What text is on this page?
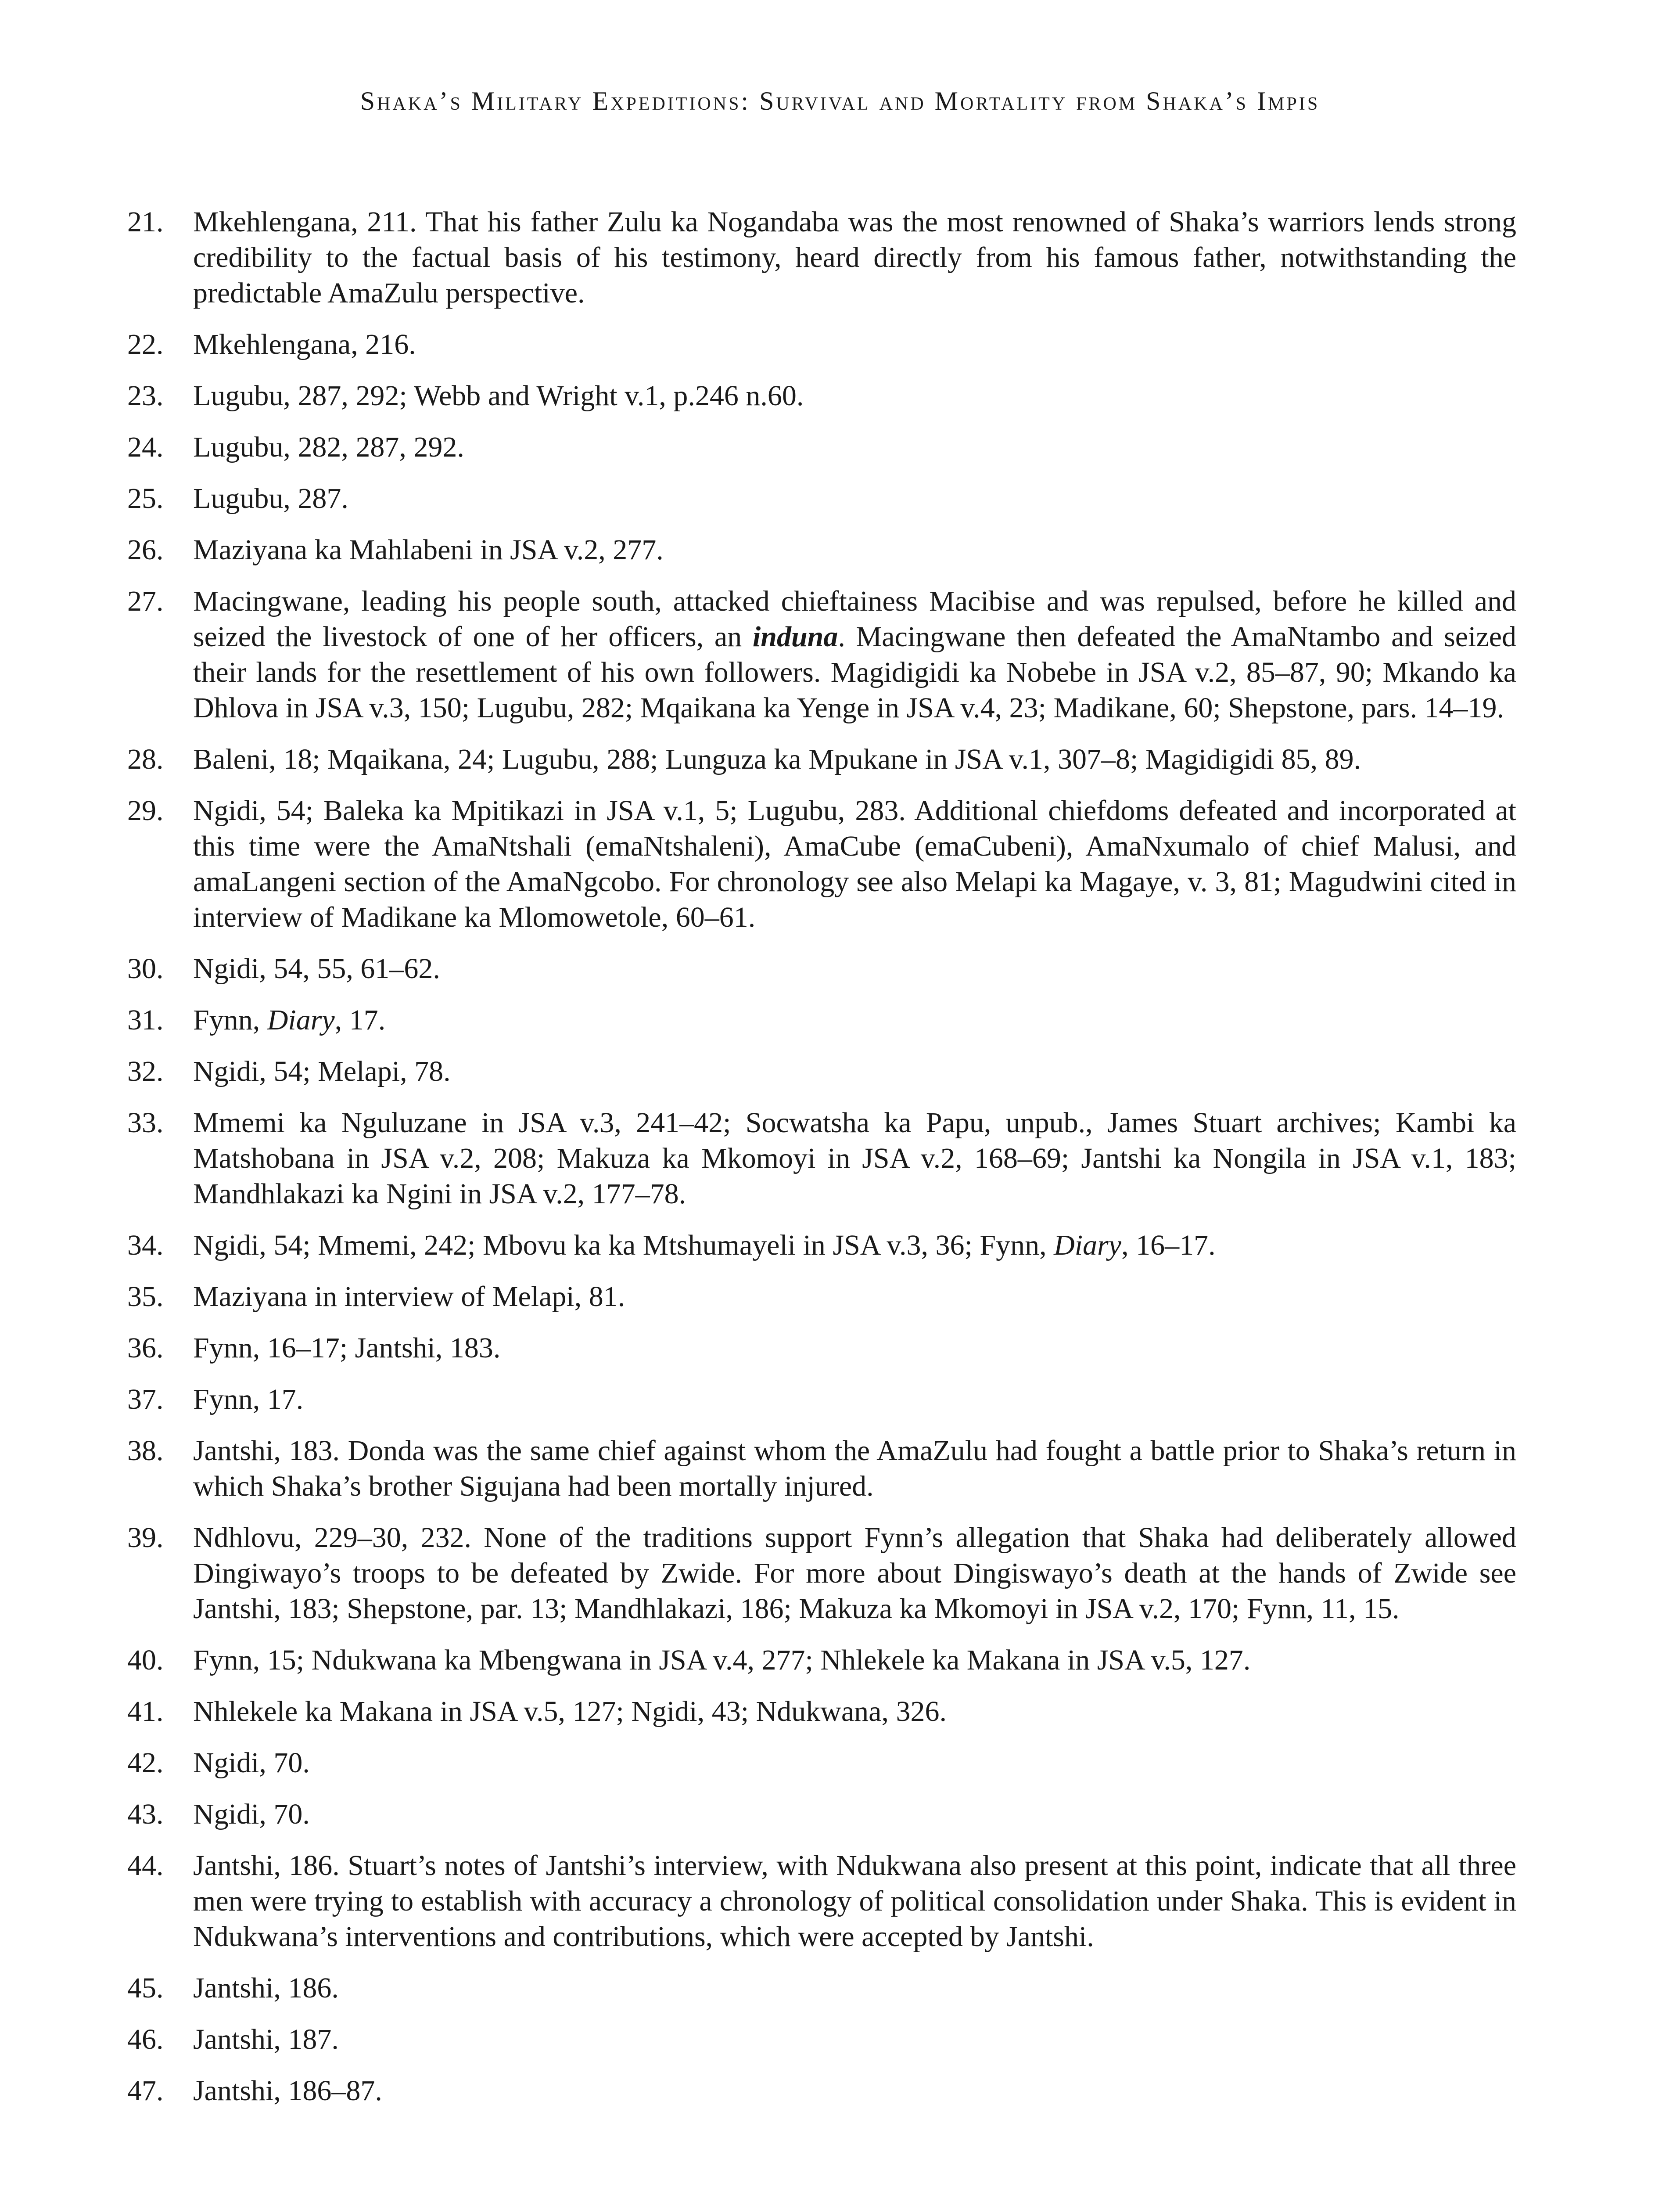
Shaka’s Military Expeditions: Survival and Mortality from Shaka’s Impis
21.	Mkehlengana, 211. That his father Zulu ka Nogandaba was the most renowned of Shaka’s warriors lends strong credibility to the factual basis of his testimony, heard directly from his famous father, notwithstanding the predictable AmaZulu perspective.
22.	Mkehlengana, 216.
23.	Lugubu, 287, 292; Webb and Wright v.1, p.246 n.60.
24.	Lugubu, 282, 287, 292.
25.	Lugubu, 287.
26.	Maziyana ka Mahlabeni in JSA v.2, 277.
27.	Macingwane, leading his people south, attacked chieftainess Macibise and was repulsed, before he killed and seized the livestock of one of her officers, an induna. Macingwane then defeated the AmaNtambo and seized their lands for the resettlement of his own followers. Magidigidi ka Nobebe in JSA v.2, 85–87, 90; Mkando ka Dhlova in JSA v.3, 150; Lugubu, 282; Mqaikana ka Yenge in JSA v.4, 23; Madikane, 60; Shepstone, pars. 14–19.
28.	Baleni, 18; Mqaikana, 24; Lugubu, 288; Lunguza ka Mpukane in JSA v.1, 307–8; Magidigidi 85, 89.
29.	Ngidi, 54; Baleka ka Mpitikazi in JSA v.1, 5; Lugubu, 283. Additional chiefdoms defeated and incorporated at this time were the AmaNtshali (emaNtshaleni), AmaCube (emaCubeni), AmaNxumalo of chief Malusi, and amaLangeni section of the AmaNgcobo. For chronology see also Melapi ka Magaye, v. 3, 81; Magudwini cited in interview of Madikane ka Mlomowetole, 60–61.
30.	Ngidi, 54, 55, 61–62.
31.	Fynn, Diary, 17.
32.	Ngidi, 54; Melapi, 78.
33.	Mmemi ka Nguluzane in JSA v.3, 241–42; Socwatsha ka Papu, unpub., James Stuart archives; Kambi ka Matshobana in JSA v.2, 208; Makuza ka Mkomoyi in JSA v.2, 168–69; Jantshi ka Nongila in JSA v.1, 183; Mandhlakazi ka Ngini in JSA v.2, 177–78.
34.	Ngidi, 54; Mmemi, 242; Mbovu ka ka Mtshumayeli in JSA v.3, 36; Fynn, Diary, 16–17.
35.	Maziyana in interview of Melapi, 81.
36.	Fynn, 16–17; Jantshi, 183.
37.	Fynn, 17.
38.	Jantshi, 183. Donda was the same chief against whom the AmaZulu had fought a battle prior to Shaka’s return in which Shaka’s brother Sigujana had been mortally injured.
39.	Ndhlovu, 229–30, 232. None of the traditions support Fynn’s allegation that Shaka had deliberately allowed Dingiwayo’s troops to be defeated by Zwide. For more about Dingiswayo’s death at the hands of Zwide see Jantshi, 183; Shepstone, par. 13; Mandhlakazi, 186; Makuza ka Mkomoyi in JSA v.2, 170; Fynn, 11, 15.
40.	Fynn, 15; Ndukwana ka Mbengwana in JSA v.4, 277; Nhlekele ka Makana in JSA v.5, 127.
41.	Nhlekele ka Makana in JSA v.5, 127; Ngidi, 43; Ndukwana, 326.
42.	Ngidi, 70.
43.	Ngidi, 70.
44.	Jantshi, 186. Stuart’s notes of Jantshi’s interview, with Ndukwana also present at this point, indicate that all three men were trying to establish with accuracy a chronology of political consolidation under Shaka. This is evident in Ndukwana’s interventions and contributions, which were accepted by Jantshi.
45.	Jantshi, 186.
46.	Jantshi, 187.
47.	Jantshi, 186–87.
